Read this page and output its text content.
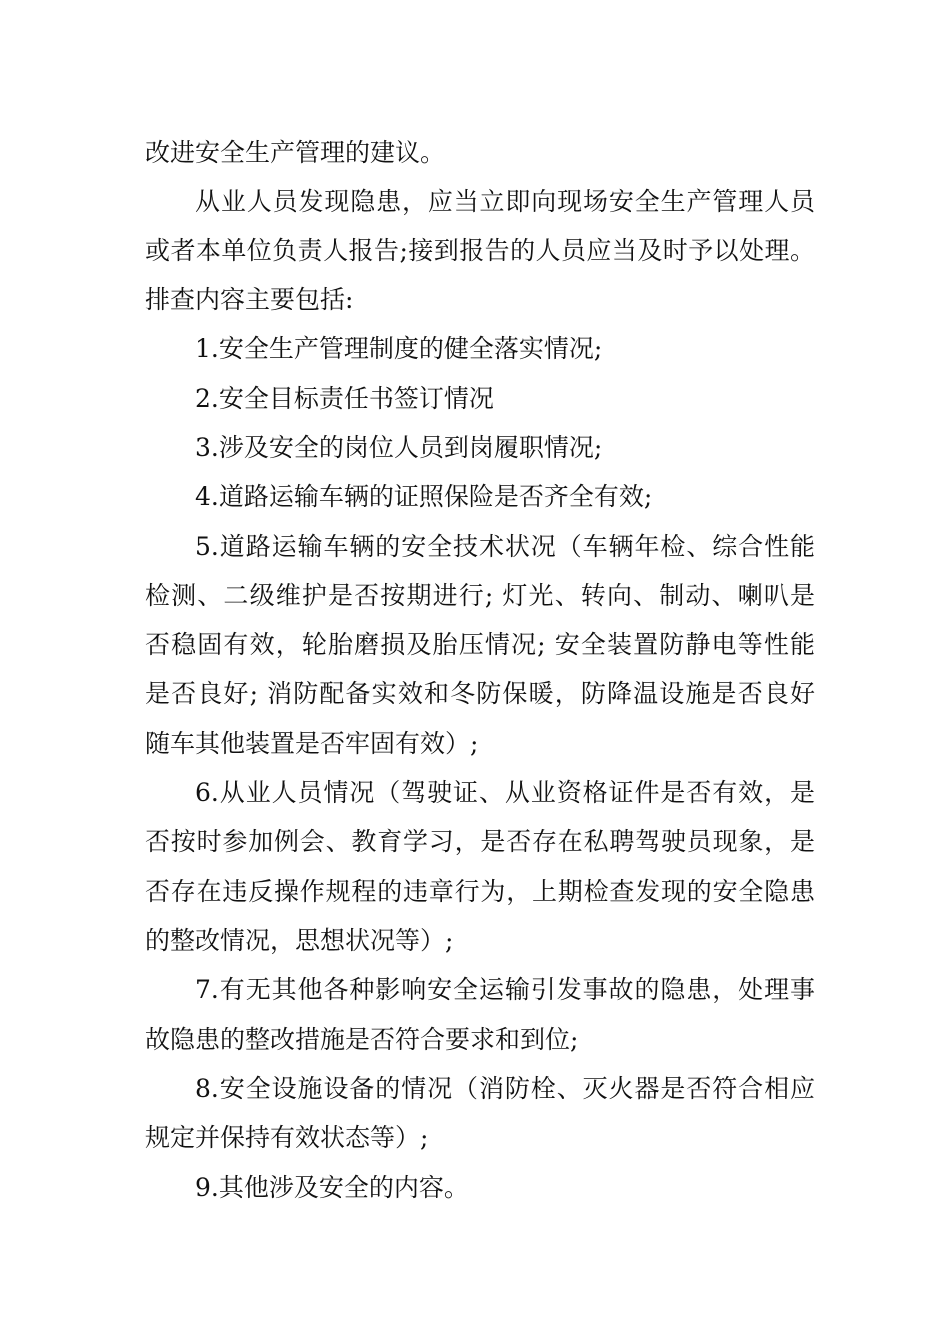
改进安全生产管理的建议。
从业人员发现隐患，应当立即向现场安全生产管理人员
或者本单位负责人报告;接到报告的人员应当及时予以处理。
排查内容主要包括:
1.安全生产管理制度的健全落实情况;
2.安全目标责任书签订情况
3.涉及安全的岗位人员到岗履职情况;
4.道路运输车辆的证照保险是否齐全有效;
5.道路运输车辆的安全技术状况（车辆年检、综合性能
检测、二级维护是否按期进行; 灯光、转向、制动、喇叭是
否稳固有效，轮胎磨损及胎压情况; 安全装置防静电等性能
是否良好; 消防配备实效和冬防保暖，防降温设施是否良好
随车其他装置是否牢固有效）;
6.从业人员情况（驾驶证、从业资格证件是否有效，是
否按时参加例会、教育学习，是否存在私聘驾驶员现象，是
否存在违反操作规程的违章行为，上期检查发现的安全隐患
的整改情况，思想状况等）;
7.有无其他各种影响安全运输引发事故的隐患，处理事
故隐患的整改措施是否符合要求和到位;
8.安全设施设备的情况（消防栓、灭火器是否符合相应
规定并保持有效状态等）;
9.其他涉及安全的内容。
